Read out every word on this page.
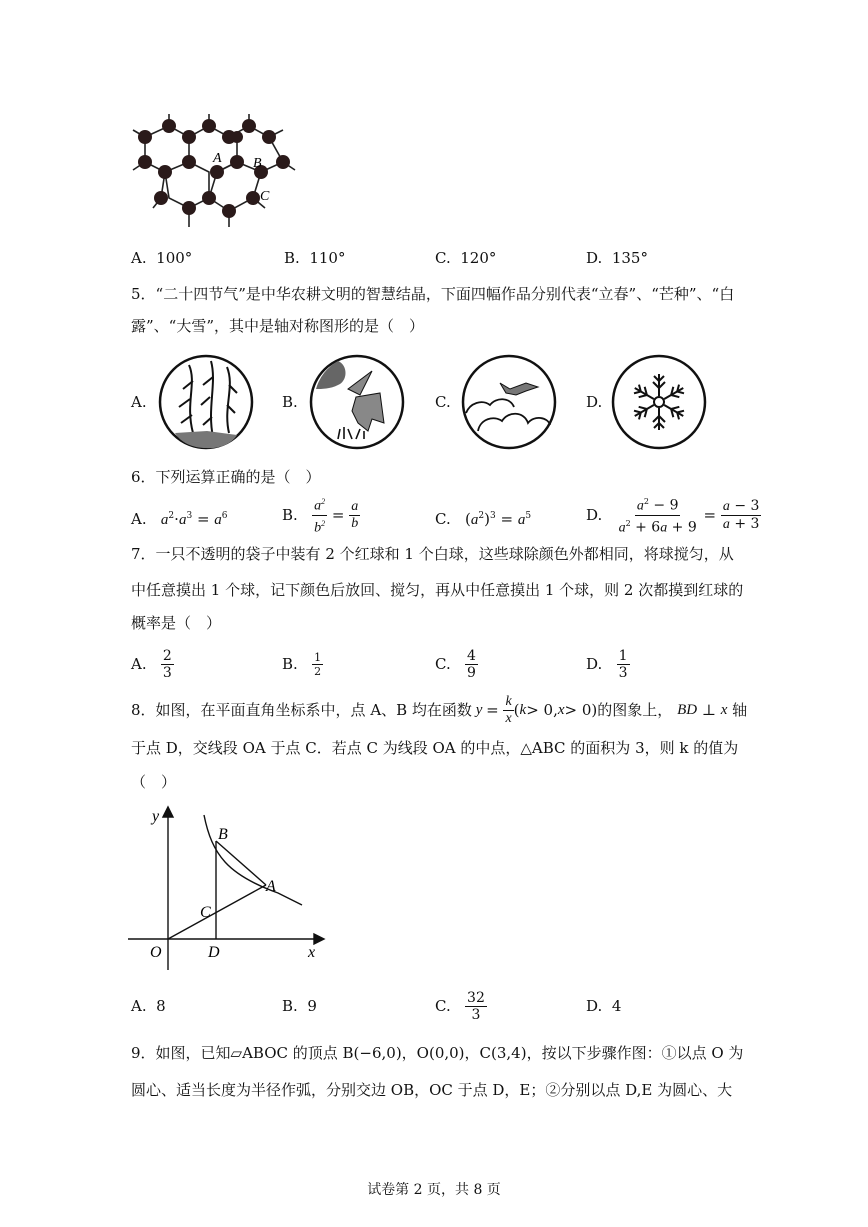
A B
C
A. 100°	B. 110°	C. 120°	D. 135°
5．“二十四节气”是中华农耕文明的智慧结晶，下面四幅作品分别代表“立春”、“芒种”、“白
露”、“大雪”，其中是轴对称图形的是（　）
A.	B.	C.	D.
6．下列运算正确的是（　）
A. $a^2\cdot a^3 = a^6$	B.
$\frac{a^2}{b^2} = \frac{a}{b}$	C.   $(a^2)^3 = a^5$	D.
$\frac{a^2 - 9}{a^2 + 6a + 9} = \frac{a - 3}{a + 3}$
7．一只不透明的袋子中装有 2 个红球和 1 个白球，这些球除颜色外都相同，将球搅匀，从
中任意摸出 1 个球，记下颜色后放回、搅匀，再从中任意摸出 1 个球，则 2 次都摸到红球的
概率是（　）
A.
$\frac{2}{3}$	B.
$\frac{1}{2}$	C.
$\frac{4}{9}$	D.
$\frac{1}{3}$
8．如图，在平面直角坐标系中，点 A、B 均在函数 $y = \frac{k}{x}$ ( k > 0, x > 0) 的图象上，
BD ⊥ x
轴
于点 D，交线段 OA 于点 C．若点 C 为线段 OA 的中点，△ABC 的面积为 3，则 k 的值为
（　）
y
x
O	D
C
B
A
A. 8	B. 9	C.
$\frac{32}{3}$	D. 4
9．如图，已知▱ABOC 的顶点 B(−6,0)，O(0,0)，C(3,4)，按以下步骤作图：①以点 O 为
圆心、适当长度为半径作弧，分别交边 OB，OC 于点 D，E；②分别以点 D,E 为圆心、大
试卷第 2 页，共 8 页
